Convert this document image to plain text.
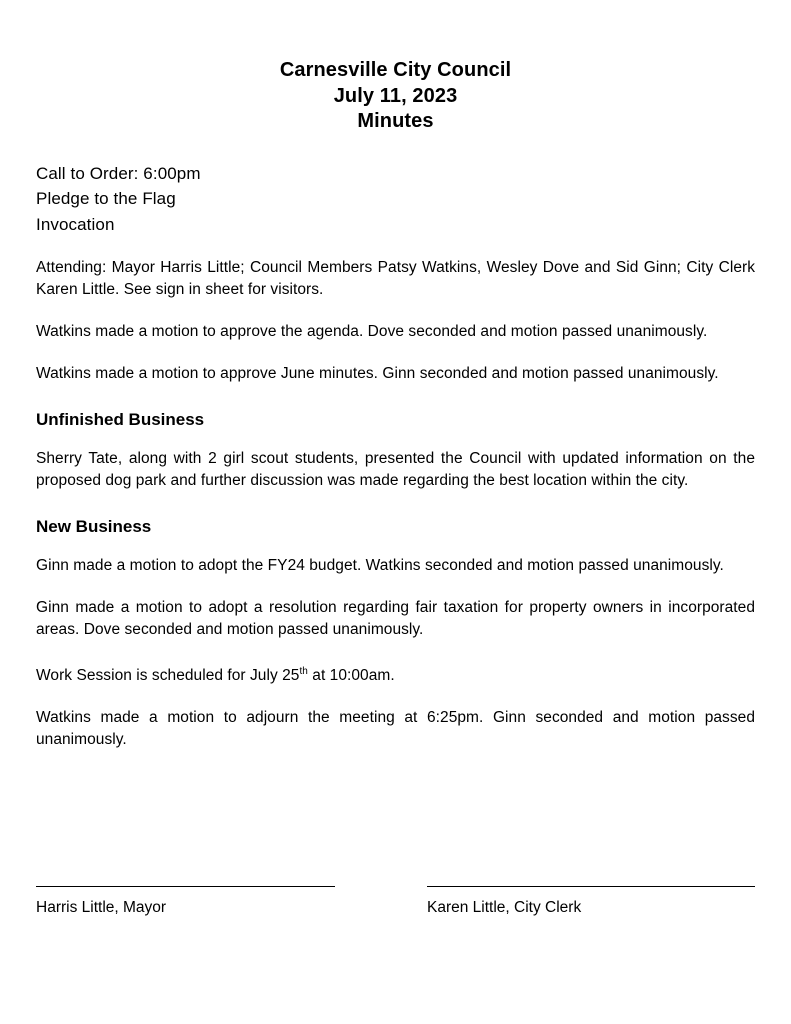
Carnesville City Council
July 11, 2023
Minutes

Call to Order: 6:00pm

Pledge to the Flag

Invocation

Attending: Mayor Harris Little; Council Members Patsy Watkins, Wesley Dove and Sid Ginn; City Clerk Karen Little. See sign in sheet for visitors.

Watkins made a motion to approve the agenda. Dove seconded and motion passed unanimously.

Watkins made a motion to approve June minutes. Ginn seconded and motion passed unanimously.

Unfinished Business

Sherry Tate, along with 2 girl scout students, presented the Council with updated information on the proposed dog park and further discussion was made regarding the best location within the city.

New Business

Ginn made a motion to adopt the FY24 budget. Watkins seconded and motion passed unanimously.

Ginn made a motion to adopt a resolution regarding fair taxation for property owners in incorporated areas. Dove seconded and motion passed unanimously.

Work Session is scheduled for July 25th at 10:00am.

Watkins made a motion to adjourn the meeting at 6:25pm. Ginn seconded and motion passed unanimously.

Harris Little, Mayor	Karen Little, City Clerk
